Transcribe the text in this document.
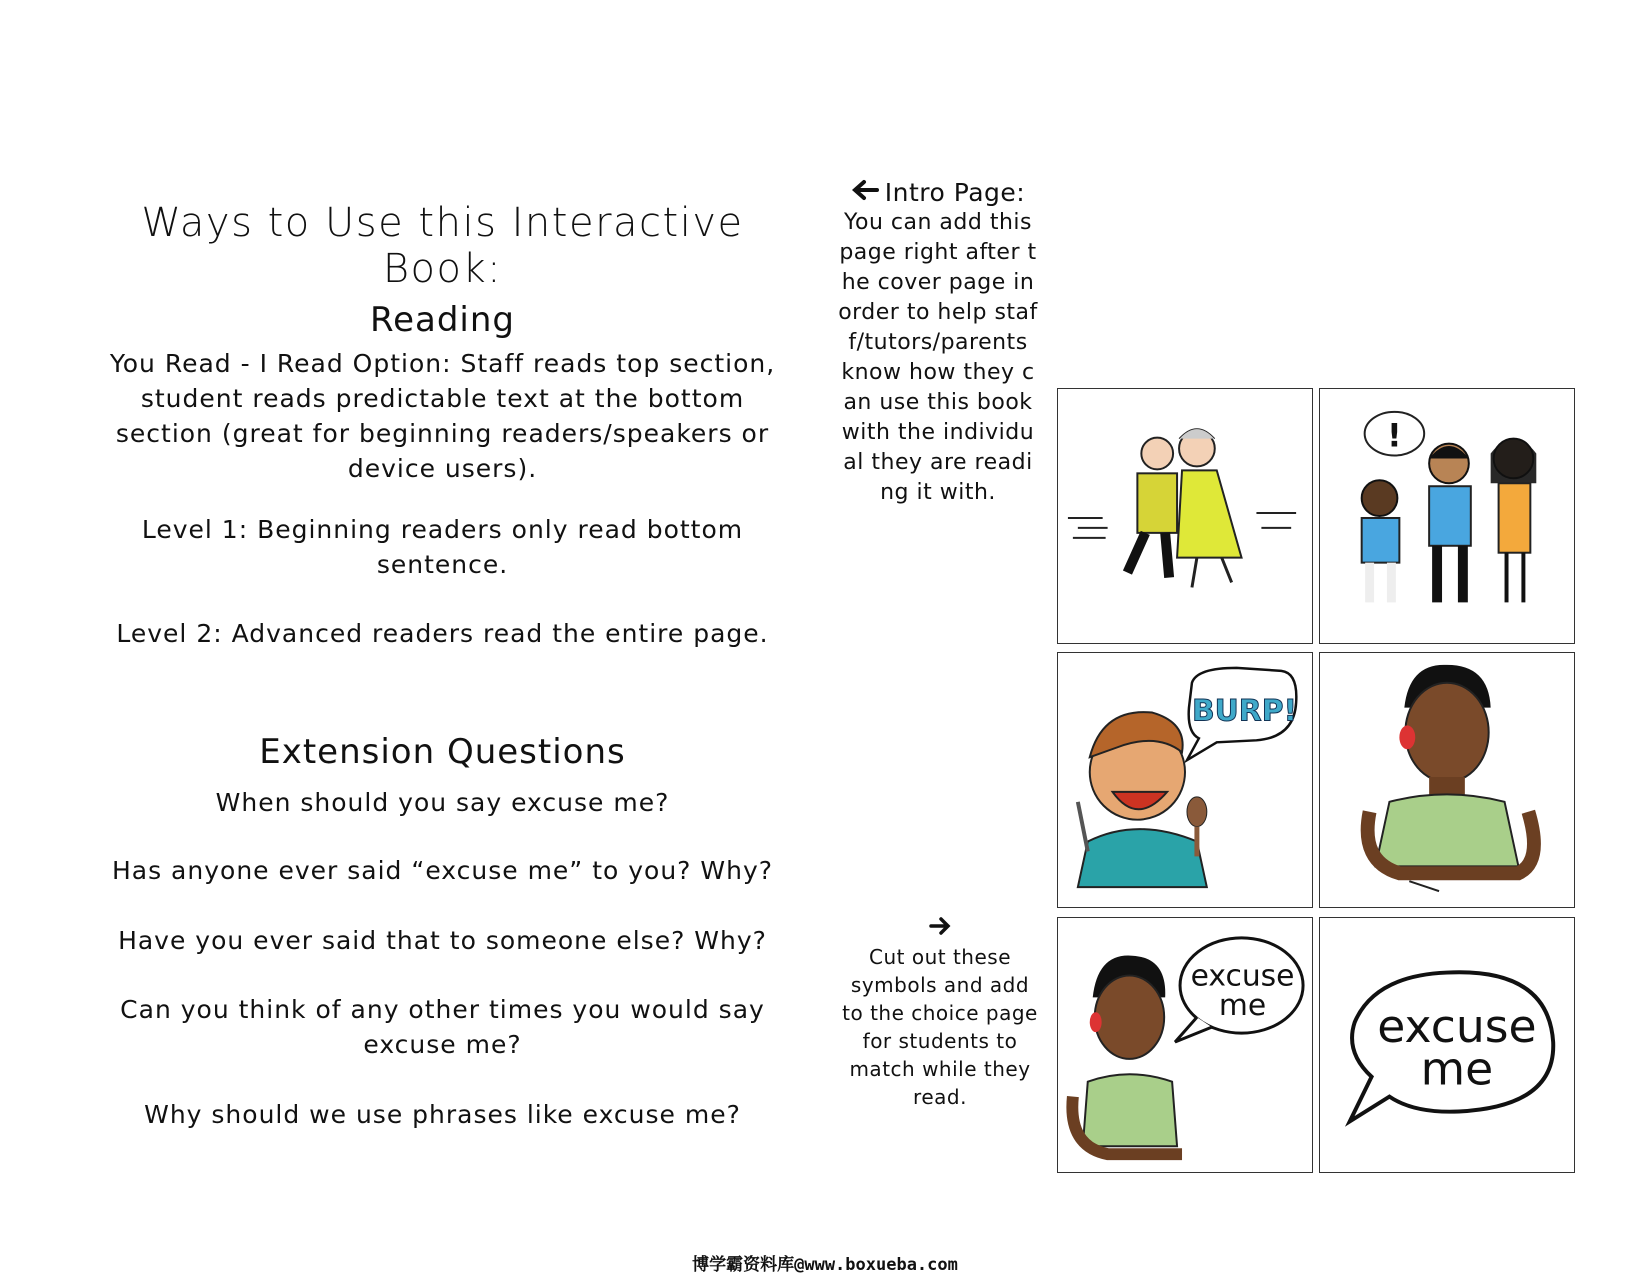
Ways to Use this Interactive Book:
Reading
You Read - I Read Option: Staff reads top section, student reads predictable text at the bottom section (great for beginning readers/speakers or device users).
Level 1: Beginning readers only read bottom sentence.
Level 2: Advanced readers read the entire page.
Extension Questions
When should you say excuse me?
Has anyone ever said “excuse me” to you? Why?
Have you ever said that to someone else? Why?
Can you think of any other times you would say excuse me?
Why should we use phrases like excuse me?
Intro Page:
You can add this page right after the cover page in order to help staff/tutors/parents know how they can use this book with the individual they are reading it with.
Cut out these symbols and add to the choice page for students to match while they read.
!
BURP!
excuse
me excuse
me
博学霸资料库@www.boxueba.com
